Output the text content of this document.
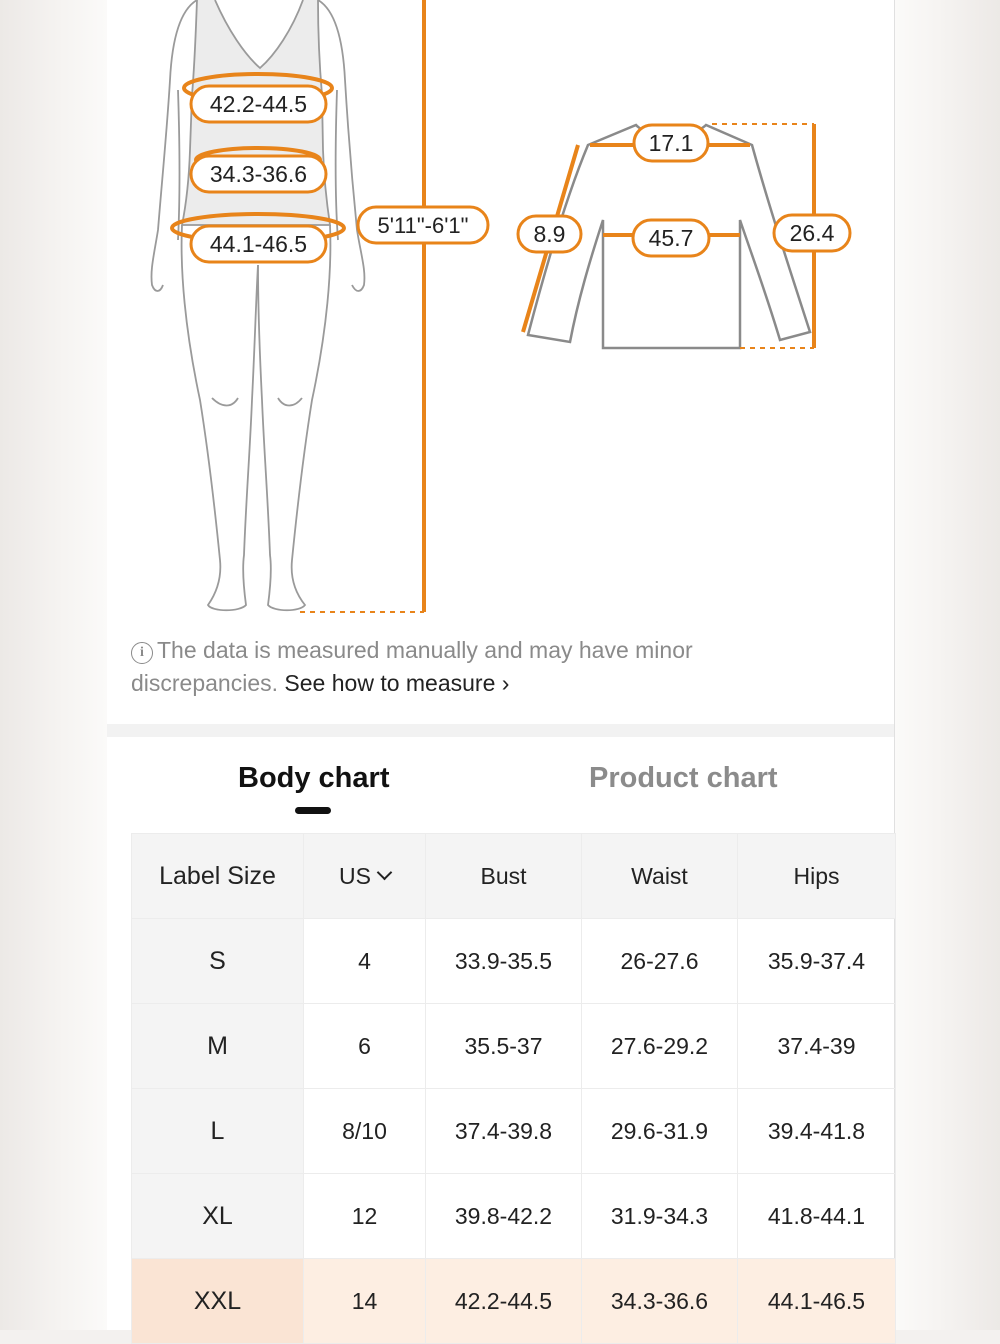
42.2-44.5
34.3-36.6
44.1-46.5
5'11"-6'1"
17.1
8.9	45.7	26.4
i The data is measured manually and may have minor discrepancies. See how to measure ›
Body chart	Product chart
Label Size	US	Bust	Waist	Hips
S	4	33.9-35.5	26-27.6	35.9-37.4
M	6	35.5-37	27.6-29.2	37.4-39
L	8/10	37.4-39.8	29.6-31.9	39.4-41.8
XL	12	39.8-42.2	31.9-34.3	41.8-44.1
XXL	14	42.2-44.5	34.3-36.6	44.1-46.5
